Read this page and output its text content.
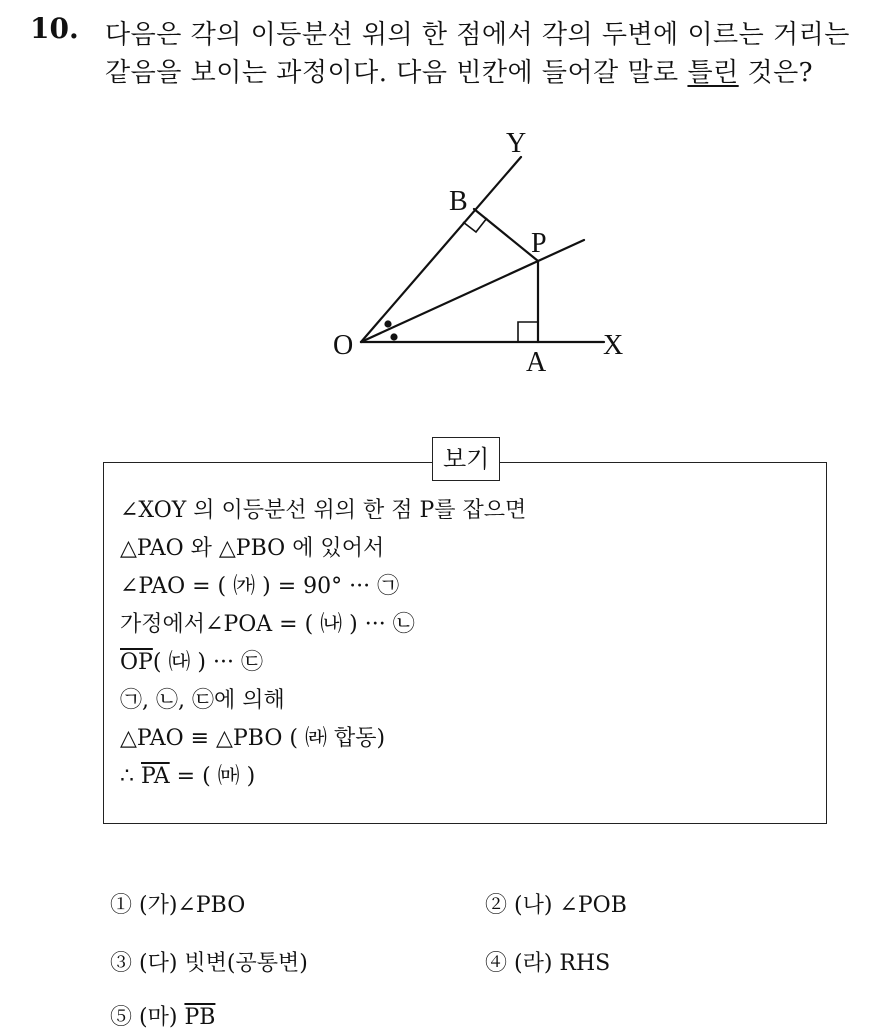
10. 다음은 각의 이등분선 위의 한 점에서 각의 두변에 이르는 거리는
같음을 보이는 과정이다. 다음 빈칸에 들어갈 말로 틀린 것은?
O
A
B
P
X
Y
보기
∠XOY 의 이등분선 위의 한 점 P를 잡으면
△PAO 와 △PBO 에 있어서
∠PAO = ( ㈎ ) = 90° ··· ㉠
가정에서∠POA = ( ㈏ ) ··· ㉡
$\overline{OP}$( ㈐ ) ··· ㉢
㉠, ㉡, ㉢에 의해
△PAO ≡ △PBO ( ㈑ 합동)
∴ $\overline{PA}$ = ( ㈒ )
① (가)∠PBO	② (나) ∠POB
③ (다) 빗변(공통변)	④ (라) RHS
⑤ (마) $\overline{PB}$
